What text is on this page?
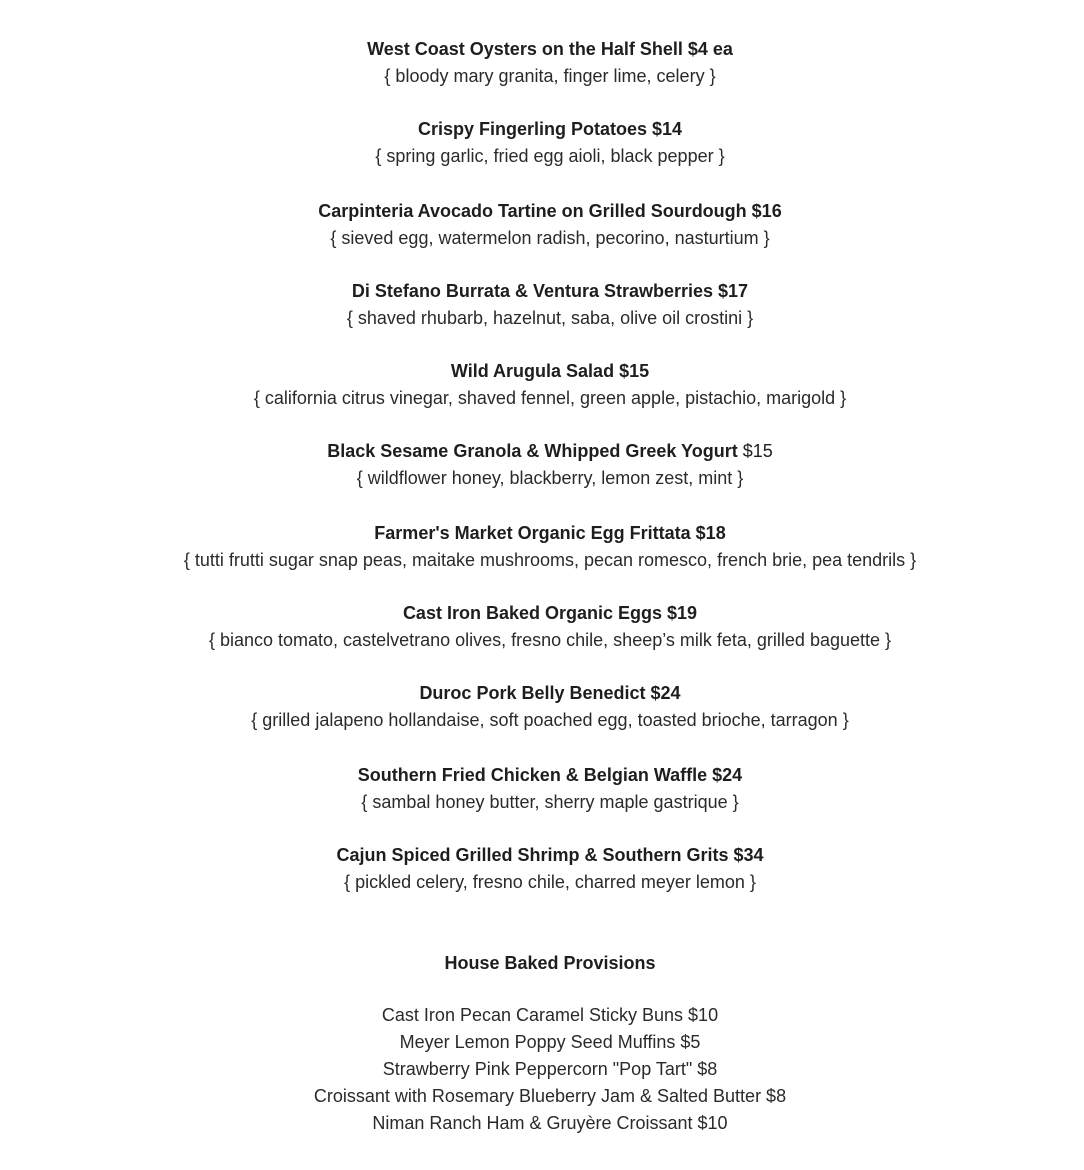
West Coast Oysters on the Half Shell $4 ea
{ bloody mary granita, finger lime, celery }
Crispy Fingerling Potatoes $14
{ spring garlic, fried egg aioli, black pepper }
Carpinteria Avocado Tartine on Grilled Sourdough $16
{ sieved egg, watermelon radish, pecorino, nasturtium }
Di Stefano Burrata & Ventura Strawberries $17
{ shaved rhubarb, hazelnut, saba, olive oil crostini }
Wild Arugula Salad $15
{ california citrus vinegar, shaved fennel, green apple, pistachio, marigold }
Black Sesame Granola & Whipped Greek Yogurt $15
{ wildflower honey, blackberry, lemon zest, mint }
Farmer's Market Organic Egg Frittata $18
{ tutti frutti sugar snap peas, maitake mushrooms, pecan romesco, french brie, pea tendrils }
Cast Iron Baked Organic Eggs $19
{ bianco tomato, castelvetrano olives, fresno chile, sheep’s milk feta, grilled baguette }
Duroc Pork Belly Benedict $24
{ grilled jalapeno hollandaise, soft poached egg, toasted brioche, tarragon }
Southern Fried Chicken & Belgian Waffle $24
{ sambal honey butter, sherry maple gastrique }
Cajun Spiced Grilled Shrimp & Southern Grits $34
{ pickled celery, fresno chile, charred meyer lemon }
House Baked Provisions
Cast Iron Pecan Caramel Sticky Buns $10
Meyer Lemon Poppy Seed Muffins $5
Strawberry Pink Peppercorn "Pop Tart" $8
Croissant with Rosemary Blueberry Jam & Salted Butter $8
Niman Ranch Ham & Gruyère Croissant $10
